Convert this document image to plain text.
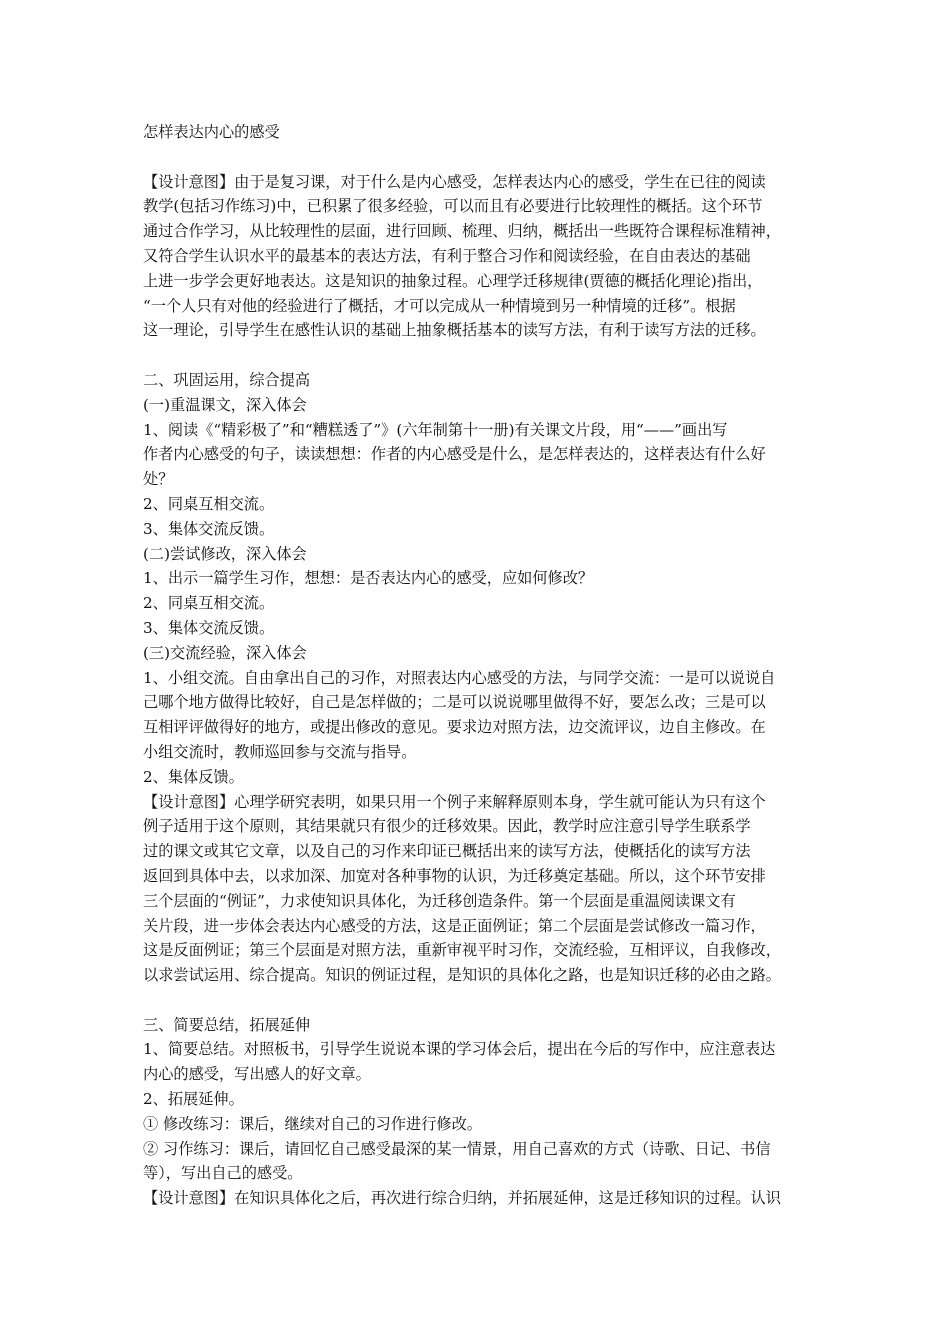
怎样表达内心的感受
【设计意图】由于是复习课，对于什么是内心感受，怎样表达内心的感受，学生在已往的阅读
教学(包括习作练习)中，已积累了很多经验，可以而且有必要进行比较理性的概括。这个环节
通过合作学习，从比较理性的层面，进行回顾、梳理、归纳，概括出一些既符合课程标准精神，
又符合学生认识水平的最基本的表达方法，有利于整合习作和阅读经验，在自由表达的基础
上进一步学会更好地表达。这是知识的抽象过程。心理学迁移规律(贾德的概括化理论)指出，
“一个人只有对他的经验进行了概括，才可以完成从一种情境到另一种情境的迁移”。根据
这一理论，引导学生在感性认识的基础上抽象概括基本的读写方法，有利于读写方法的迁移。
二、巩固运用，综合提高
(一)重温课文，深入体会
1、阅读《“精彩极了”和“糟糕透了”》(六年制第十一册)有关课文片段，用“——”画出写
作者内心感受的句子，读读想想：作者的内心感受是什么，是怎样表达的，这样表达有什么好
处？
2、同桌互相交流。
3、集体交流反馈。
(二)尝试修改，深入体会
1、出示一篇学生习作，想想：是否表达内心的感受，应如何修改？
2、同桌互相交流。
3、集体交流反馈。
(三)交流经验，深入体会
1、小组交流。自由拿出自己的习作，对照表达内心感受的方法，与同学交流：一是可以说说自
己哪个地方做得比较好，自己是怎样做的；二是可以说说哪里做得不好，要怎么改；三是可以
互相评评做得好的地方，或提出修改的意见。要求边对照方法，边交流评议，边自主修改。在
小组交流时，教师巡回参与交流与指导。
2、集体反馈。
【设计意图】心理学研究表明，如果只用一个例子来解释原则本身，学生就可能认为只有这个
例子适用于这个原则，其结果就只有很少的迁移效果。因此，教学时应注意引导学生联系学
过的课文或其它文章，以及自己的习作来印证已概括出来的读写方法，使概括化的读写方法
返回到具体中去，以求加深、加宽对各种事物的认识，为迁移奠定基础。所以，这个环节安排
三个层面的“例证”，力求使知识具体化，为迁移创造条件。第一个层面是重温阅读课文有
关片段，进一步体会表达内心感受的方法，这是正面例证；第二个层面是尝试修改一篇习作，
这是反面例证；第三个层面是对照方法，重新审视平时习作，交流经验，互相评议，自我修改，
以求尝试运用、综合提高。知识的例证过程，是知识的具体化之路，也是知识迁移的必由之路。
三、简要总结，拓展延伸
1、简要总结。对照板书，引导学生说说本课的学习体会后，提出在今后的写作中，应注意表达
内心的感受，写出感人的好文章。
2、拓展延伸。
① 修改练习：课后，继续对自己的习作进行修改。
② 习作练习：课后，请回忆自己感受最深的某一情景，用自己喜欢的方式（诗歌、日记、书信
等），写出自己的感受。
【设计意图】在知识具体化之后，再次进行综合归纳，并拓展延伸，这是迁移知识的过程。认识
